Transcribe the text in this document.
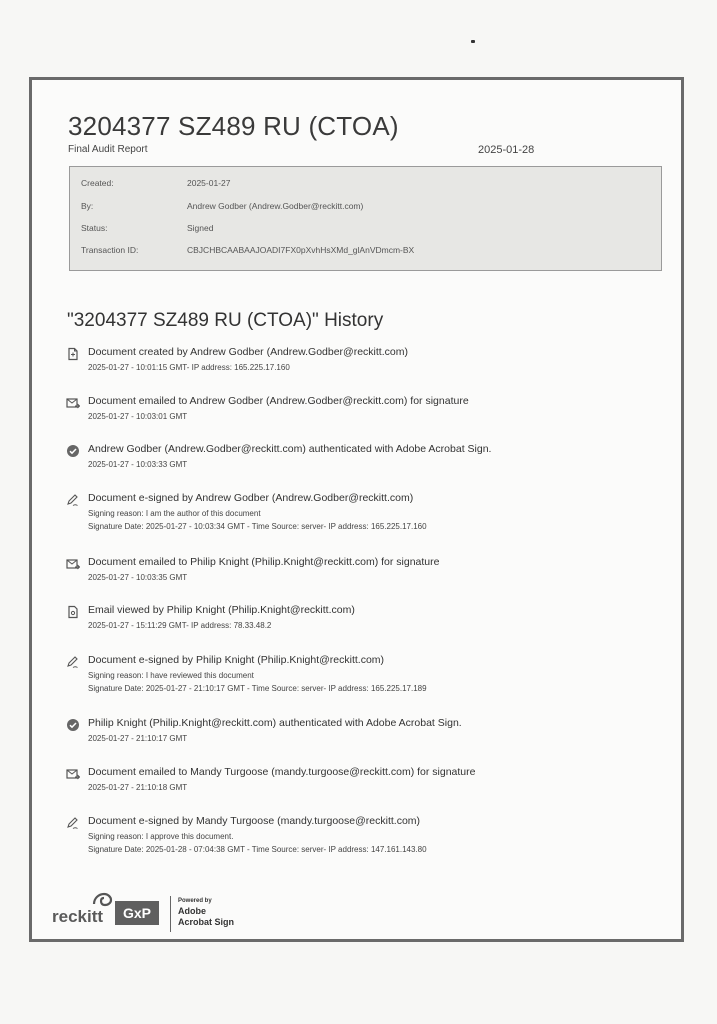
3204377 SZ489 RU (CTOA)
Final Audit Report	2025-01-28
Created:	2025-01-27
By:	Andrew Godber (Andrew.Godber@reckitt.com)
Status:	Signed
Transaction ID:	CBJCHBCAABAAJOADI7FX0pXvhHsXMd_glAnVDmcm-BX
"3204377 SZ489 RU (CTOA)" History
Document created by Andrew Godber (Andrew.Godber@reckitt.com)
2025-01-27 - 10:01:15 GMT- IP address: 165.225.17.160
Document emailed to Andrew Godber (Andrew.Godber@reckitt.com) for signature
2025-01-27 - 10:03:01 GMT
Andrew Godber (Andrew.Godber@reckitt.com) authenticated with Adobe Acrobat Sign.
2025-01-27 - 10:03:33 GMT
Document e-signed by Andrew Godber (Andrew.Godber@reckitt.com)
Signing reason: I am the author of this document
Signature Date: 2025-01-27 - 10:03:34 GMT - Time Source: server- IP address: 165.225.17.160
Document emailed to Philip Knight (Philip.Knight@reckitt.com) for signature
2025-01-27 - 10:03:35 GMT
Email viewed by Philip Knight (Philip.Knight@reckitt.com)
2025-01-27 - 15:11:29 GMT- IP address: 78.33.48.2
Document e-signed by Philip Knight (Philip.Knight@reckitt.com)
Signing reason: I have reviewed this document
Signature Date: 2025-01-27 - 21:10:17 GMT - Time Source: server- IP address: 165.225.17.189
Philip Knight (Philip.Knight@reckitt.com) authenticated with Adobe Acrobat Sign.
2025-01-27 - 21:10:17 GMT
Document emailed to Mandy Turgoose (mandy.turgoose@reckitt.com) for signature
2025-01-27 - 21:10:18 GMT
Document e-signed by Mandy Turgoose (mandy.turgoose@reckitt.com)
Signing reason: I approve this document.
Signature Date: 2025-01-28 - 07:04:38 GMT - Time Source: server- IP address: 147.161.143.80
reckitt	GxP
Powered by
Adobe
Acrobat Sign
